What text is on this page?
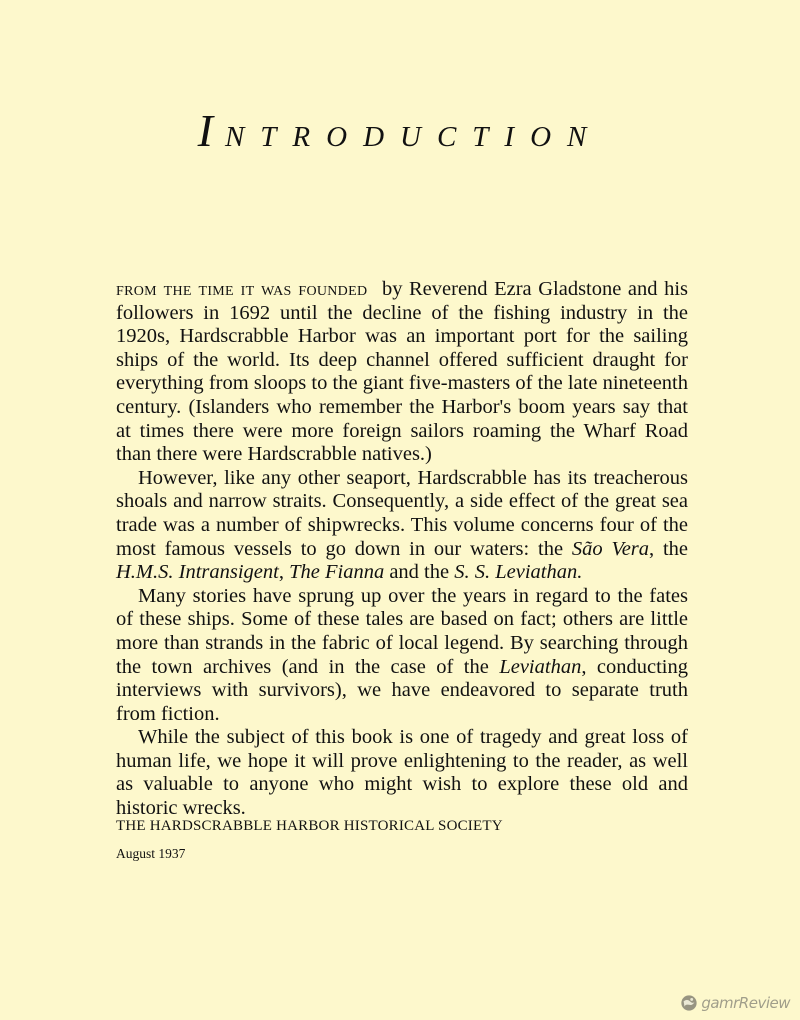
INTRODUCTION

from the time it was founded by Reverend Ezra Gladstone and his followers in 1692 until the decline of the fishing industry in the 1920s, Hardscrabble Harbor was an important port for the sailing ships of the world. Its deep channel offered sufficient draught for everything from sloops to the giant five-masters of the late nineteenth century. (Islanders who remember the Harbor's boom years say that at times there were more foreign sailors roaming the Wharf Road than there were Hardscrabble natives.)

However, like any other seaport, Hardscrabble has its treacherous shoals and narrow straits. Consequently, a side effect of the great sea trade was a number of shipwrecks. This volume concerns four of the most famous vessels to go down in our waters: the São Vera, the H.M.S. Intransigent, The Fianna and the S. S. Leviathan.

Many stories have sprung up over the years in regard to the fates of these ships. Some of these tales are based on fact; others are little more than strands in the fabric of local legend. By searching through the town archives (and in the case of the Leviathan, conducting interviews with survivors), we have endeavored to separate truth from fiction.

While the subject of this book is one of tragedy and great loss of human life, we hope it will prove enlightening to the reader, as well as valuable to anyone who might wish to explore these old and historic wrecks.

THE HARDSCRABBLE HARBOR HISTORICAL SOCIETY
August 1937
gamrReview
